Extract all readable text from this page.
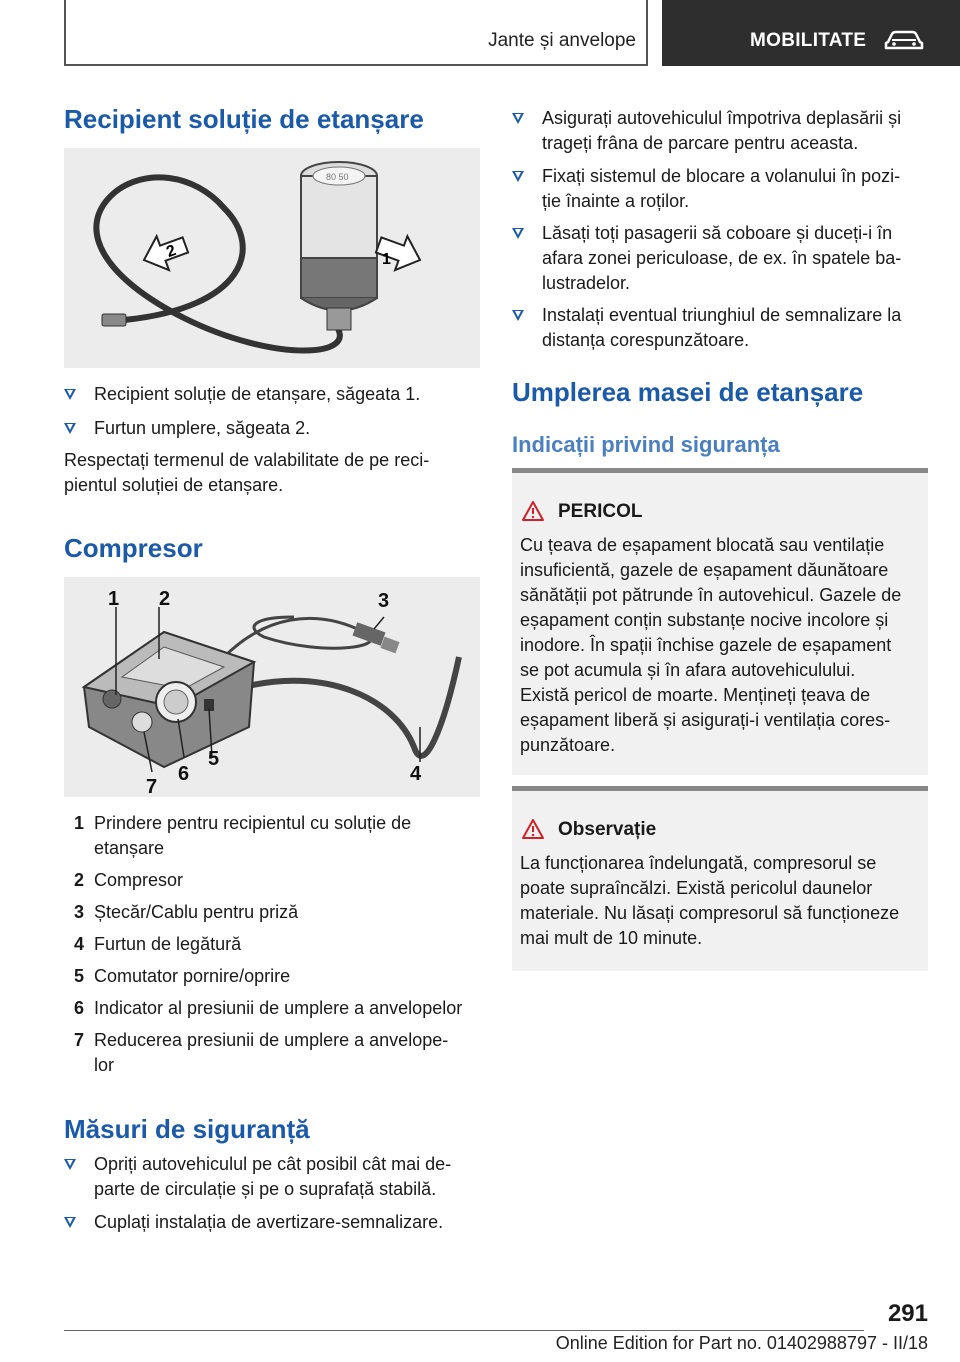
Jante și anvelope	MOBILITATE
Recipient soluție de etanșare
80 50
2	1
Recipient soluție de etanșare, săgeata 1.
Furtun umplere, săgeata 2.
Respectați termenul de valabilitate de pe reci-
pientul soluției de etanșare.
Compresor
1 2	3
4
5
6
7
1 Prindere pentru recipientul cu soluție de
etanșare
2 Compresor
3 Ștecăr/Cablu pentru priză
4 Furtun de legătură
5 Comutator pornire/oprire
6 Indicator al presiunii de umplere a anvelopelor
7 Reducerea presiunii de umplere a anvelope-
lor
Măsuri de siguranță
Opriți autovehiculul pe cât posibil cât mai de-
parte de circulație și pe o suprafață stabilă.
Cuplați instalația de avertizare-semnalizare.
Asigurați autovehiculul împotriva deplasării și
trageți frâna de parcare pentru aceasta.
Fixați sistemul de blocare a volanului în pozi-
ție înainte a roților.
Lăsați toți pasagerii să coboare și duceți-i în
afara zonei periculoase, de ex. în spatele ba-
lustradelor.
Instalați eventual triunghiul de semnalizare la
distanța corespunzătoare.
Umplerea masei de etanșare
Indicații privind siguranța
PERICOL
Cu țeava de eșapament blocată sau ventilație
insuficientă, gazele de eșapament dăunătoare
sănătății pot pătrunde în autovehicul. Gazele de
eșapament conțin substanțe nocive incolore și
inodore. În spații închise gazele de eșapament
se pot acumula și în afara autovehiculului.
Există pericol de moarte. Mențineți țeava de
eșapament liberă și asigurați-i ventilația cores-
punzătoare.
Observație
La funcționarea îndelungată, compresorul se
poate supraîncălzi. Există pericolul daunelor
materiale. Nu lăsați compresorul să funcționeze
mai mult de 10 minute.
291
Online Edition for Part no. 01402988797 - II/18
